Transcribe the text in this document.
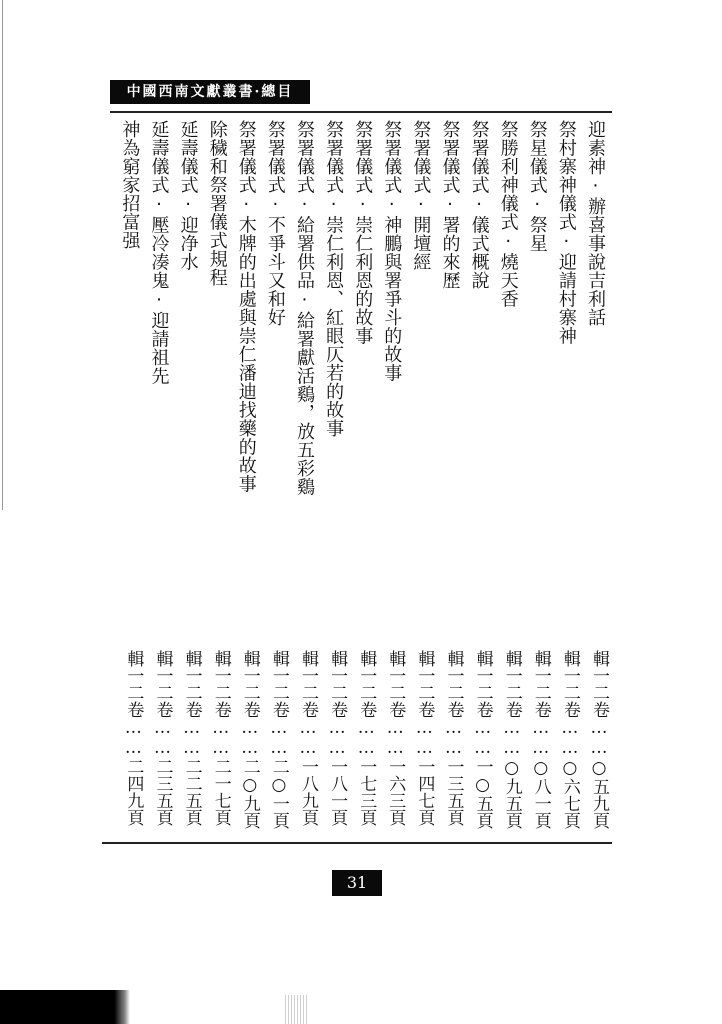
中國西南文獻叢書·總目
迎素神·辦喜事說吉利話
輯一二卷……○五九頁
祭村寨神儀式·迎請村寨神
輯一二卷……○六七頁
祭星儀式·祭星
輯一二卷……○八一頁
祭勝利神儀式·燒天香
輯一二卷……○九五頁
祭署儀式·儀式概說
輯一二卷……一○五頁
祭署儀式·署的來歷
輯一二卷……一三五頁
祭署儀式·開壇經
輯一二卷……一四七頁
祭署儀式·神鵬與署爭斗的故事
輯一二卷……一六三頁
祭署儀式·崇仁利恩的故事
輯一二卷……一七三頁
祭署儀式·崇仁利恩、紅眼仄若的故事
輯一二卷……一八一頁
祭署儀式·給署供品·給署獻活鷄，放五彩鷄
輯一二卷……一八九頁
祭署儀式·不爭斗又和好
輯一二卷……二○一頁
祭署儀式·木牌的出處與崇仁潘迪找藥的故事
輯一二卷……二○九頁
除穢和祭署儀式規程
輯一二卷……二一七頁
延壽儀式·迎净水
輯一二卷……二二五頁
延壽儀式·壓冷凑鬼·迎請祖先
輯一二卷……二三五頁
神為窮家招富强
輯一二卷……二四九頁
31
